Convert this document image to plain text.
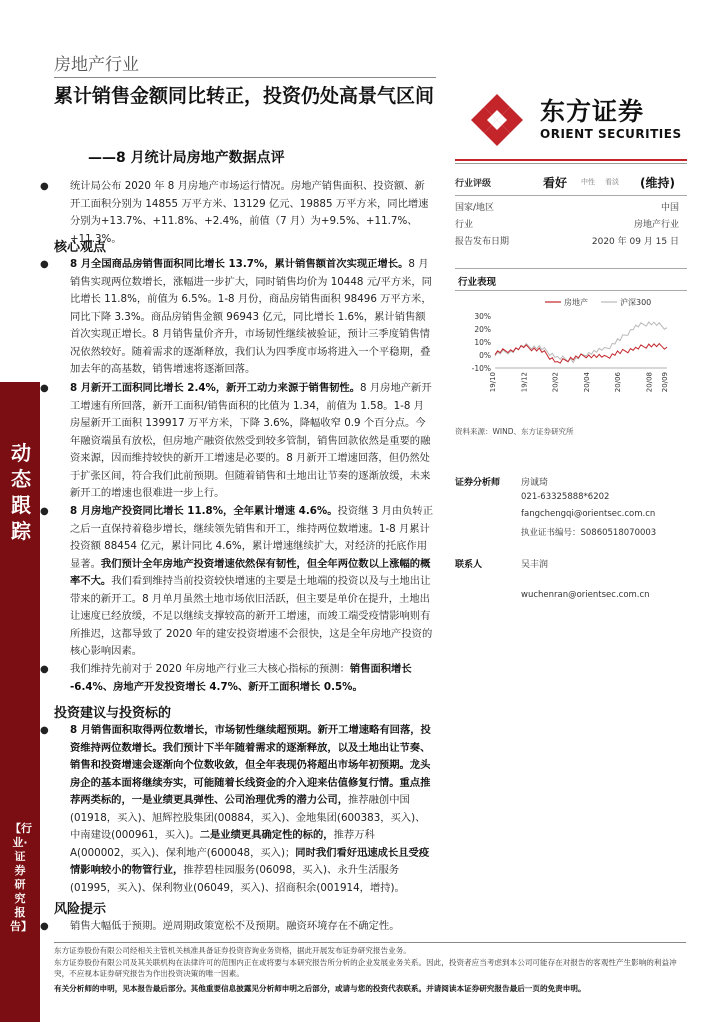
房地产行业
累计销售金额同比转正，投资仍处高景气区间
——8 月统计局房地产数据点评
东方证券
ORIENT SECURITIES
动态跟踪
【行业·证券研究报告】
● 统计局公布 2020 年 8 月房地产市场运行情况。房地产销售面积、投资额、新开工面积分别为 14855 万平方米、13129 亿元、19885 万平方米，同比增速分别为+13.7%、+11.8%、+2.4%，前值（7 月）为+9.5%、+11.7%、+11.3%。
核心观点
● 8 月全国商品房销售面积同比增长 13.7%，累计销售额首次实现正增长。8 月销售实现两位数增长，涨幅进一步扩大，同时销售均价为 10448 元/平方米，同比增长 11.8%，前值为 6.5%。1-8 月份，商品房销售面积 98496 万平方米，同比下降 3.3%。商品房销售金额 96943 亿元，同比增长 1.6%，累计销售额首次实现正增长。8 月销售量价齐升，市场韧性继续被验证，预计三季度销售情况依然较好。随着需求的逐渐释放，我们认为四季度市场将进入一个平稳期，叠加去年的高基数，销售增速将逐渐回落。
● 8 月新开工面积同比增长 2.4%，新开工动力来源于销售韧性。8 月房地产新开工增速有所回落，新开工面积/销售面积的比值为 1.34，前值为 1.58。1-8 月房屋新开工面积 139917 万平方米，下降 3.6%，降幅收窄 0.9 个百分点。今年融资端虽有放松，但房地产融资依然受到较多管制，销售回款依然是重要的融资来源，因而维持较快的新开工增速是必要的。8 月新开工增速回落，但仍然处于扩张区间，符合我们此前预期。但随着销售和土地出让节奏的逐渐放缓，未来新开工的增速也很难进一步上行。
● 8 月房地产投资同比增长 11.8%，全年累计增速 4.6%。投资继 3 月由负转正之后一直保持着稳步增长，继续领先销售和开工，维持两位数增速。1-8 月累计投资额 88454 亿元，累计同比 4.6%，累计增速继续扩大，对经济的托底作用显著。我们预计全年房地产投资增速依然保有韧性，但全年两位数以上涨幅的概率不大。我们看到维持当前投资较快增速的主要是土地端的投资以及与土地出让带来的新开工。8 月单月虽然土地市场依旧活跃，但主要是单价在提升，土地出让速度已经放缓，不足以继续支撑较高的新开工增速，而竣工端受疫情影响则有所推迟，这都导致了 2020 年的建安投资增速不会很快，这是全年房地产投资的核心影响因素。
● 我们维持先前对于 2020 年房地产行业三大核心指标的预测：销售面积增长 -6.4%、房地产开发投资增长 4.7%、新开工面积增长 0.5%。
投资建议与投资标的
● 8 月销售面积取得两位数增长，市场韧性继续超预期。新开工增速略有回落，投资维持两位数增长。我们预计下半年随着需求的逐渐释放，以及土地出让节奏、销售和投资增速会逐渐向个位数收敛，但全年表现仍将超出市场年初预期。龙头房企的基本面将继续夯实，可能随着长线资金的介入迎来估值修复行情。重点推荐两类标的，一是业绩更具弹性、公司治理优秀的潜力公司，推荐融创中国(01918，买入)、旭辉控股集团(00884，买入)、金地集团(600383，买入)、中南建设(000961，买入)。二是业绩更具确定性的标的，推荐万科 A(000002，买入)、保利地产(600048，买入)；同时我们看好迅速成长且受疫情影响较小的物管行业，推荐碧桂园服务(06098，买入)、永升生活服务(01995，买入)、保利物业(06049，买入)、招商积余(001914，增持)。
风险提示
● 销售大幅低于预期。逆周期政策宽松不及预期。融资环境存在不确定性。
行业评级	看好 中性 看淡 (维持)
国家/地区	中国
行业	房地产行业
报告发布日期	2020 年 09 月 15 日
行业表现
房地产	沪深300
30%
20%
10%
0%
-10%
19/10	19/12	20/02	20/04	20/06	20/08 20/09
资料来源：WIND、东方证券研究所
证券分析师 房诚琦
021-63325888*6202
fangchengqi@orientsec.com.cn
执业证书编号：S0860518070003
联系人	吴丰润
wuchenran@orientsec.com.cn
东方证券股份有限公司经相关主管机关核准具备证券投资咨询业务资格，据此开展发布证券研究报告业务。
东方证券股份有限公司及其关联机构在法律许可的范围内正在或将要与本研究报告所分析的企业发展业务关系。因此，投资者应当考虑到本公司可能存在对报告的客观性产生影响的利益冲突，不应视本证券研究报告为作出投资决策的唯一因素。
有关分析师的申明，见本报告最后部分。其他重要信息披露见分析师申明之后部分，或请与您的投资代表联系。并请阅读本证券研究报告最后一页的免责申明。
